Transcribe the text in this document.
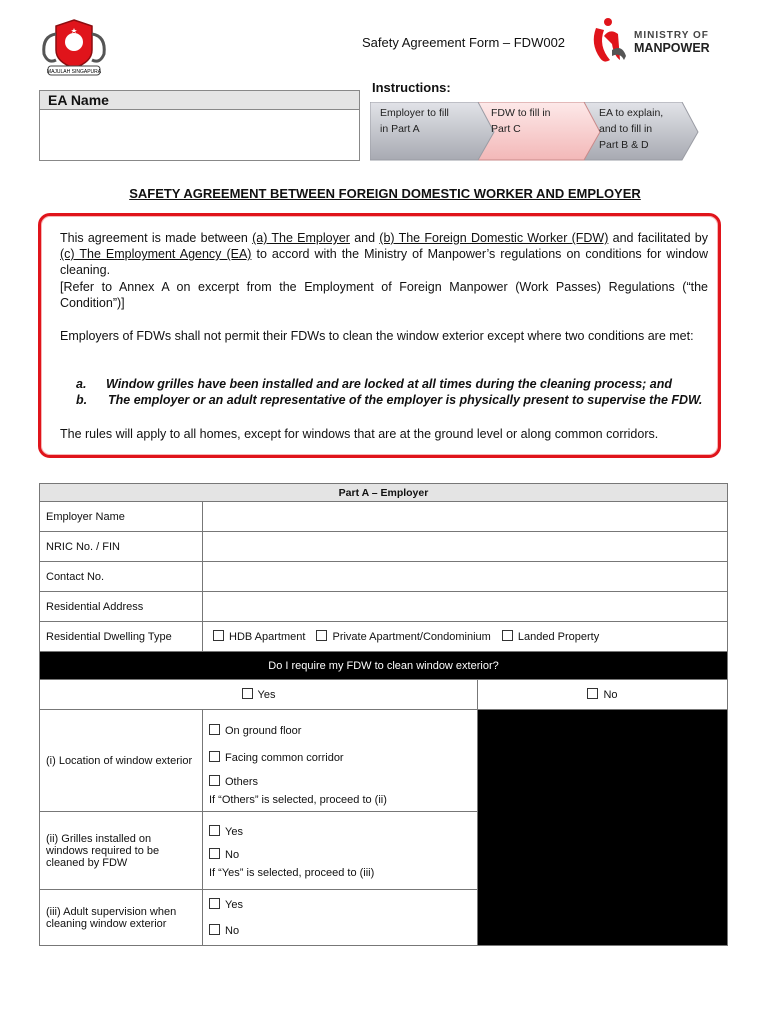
MAJULAH SINGAPURA
Safety Agreement Form – FDW002	MINISTRY OF
MANPOWER
Instructions:
EA Name
Employer to fill
in Part A
FDW to fill in
Part C
EA to explain,
and to fill in
Part B & D
SAFETY AGREEMENT BETWEEN FOREIGN DOMESTIC WORKER AND EMPLOYER
This agreement is made between (a) The Employer and (b) The Foreign Domestic Worker (FDW) and facilitated by (c) The Employment Agency (EA) to accord with the Ministry of Manpower’s regulations on conditions for window cleaning.
[Refer to Annex A on excerpt from the Employment of Foreign Manpower (Work Passes) Regulations (“the Condition”)]
Employers of FDWs shall not permit their FDWs to clean the window exterior except where two conditions are met:
a. Window grilles have been installed and are locked at all times during the cleaning process; and
b. The employer or an adult representative of the employer is physically present to supervise the FDW.
The rules will apply to all homes, except for windows that are at the ground level or along common corridors.
Part A – Employer		
Employer Name		
NRIC No. / FIN		
Contact No.		
Residential Address		
Residential Dwelling Type	HDB Apartment Private Apartment/Condominium Landed Property	
Do I require my FDW to clean window exterior?		
Yes		No
(i) Location of window exterior	On ground floor
Facing common corridor
Others
If “Others” is selected, proceed to (ii)	

(ii) Grilles installed on windows required to be cleaned by FDW	Yes
No
If “Yes” is selected, proceed to (iii)	

(iii) Adult supervision when cleaning window exterior	Yes
No	
